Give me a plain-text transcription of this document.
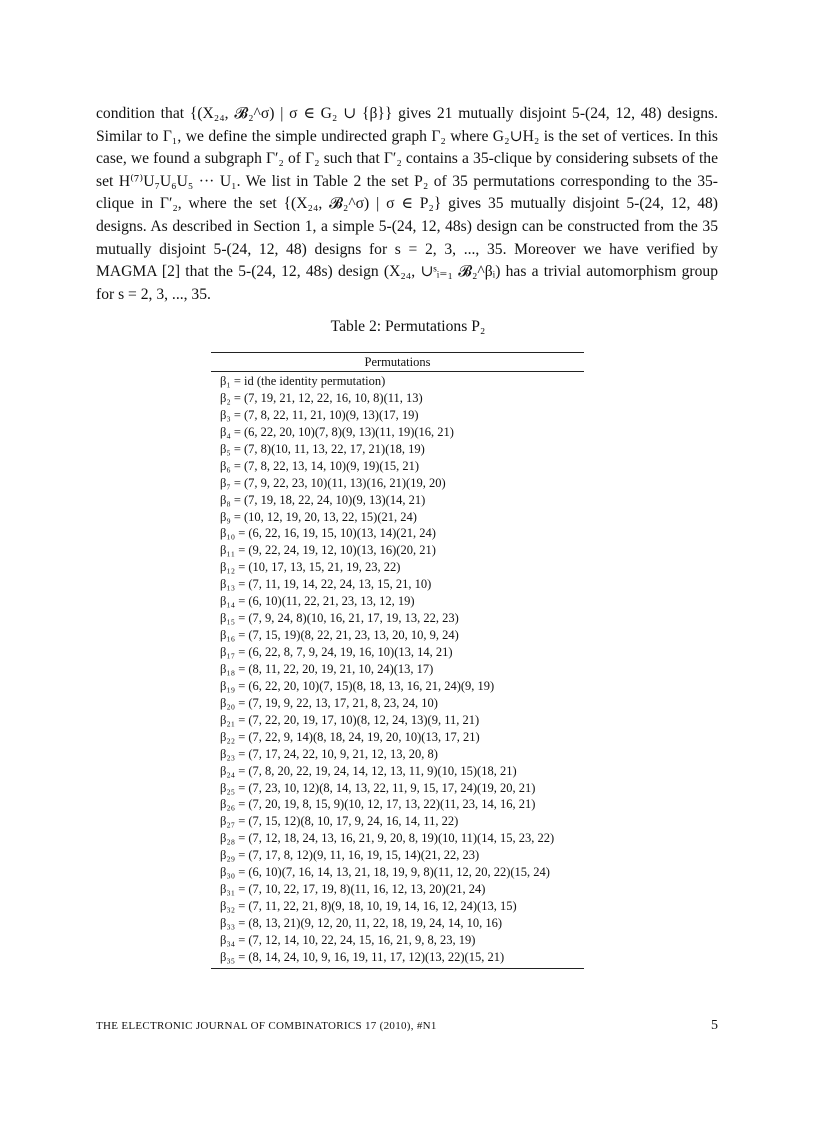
condition that {(X₂₄, 𝓑₂^σ) | σ ∈ G₂ ∪ {β}} gives 21 mutually disjoint 5-(24, 12, 48) designs. Similar to Γ₁, we define the simple undirected graph Γ₂ where G₂∪H₂ is the set of vertices. In this case, we found a subgraph Γ′₂ of Γ₂ such that Γ′₂ contains a 35-clique by considering subsets of the set H⁽⁷⁾U₇U₆U₅ ··· U₁. We list in Table 2 the set P₂ of 35 permutations corresponding to the 35-clique in Γ′₂, where the set {(X₂₄, 𝓑₂^σ) | σ ∈ P₂} gives 35 mutually disjoint 5-(24, 12, 48) designs. As described in Section 1, a simple 5-(24, 12, 48s) design can be constructed from the 35 mutually disjoint 5-(24, 12, 48) designs for s = 2, 3, ..., 35. Moreover we have verified by MAGMA [2] that the 5-(24, 12, 48s) design (X₂₄, ∪ˢᵢ₌₁ 𝓑₂^βᵢ) has a trivial automorphism group for s = 2, 3, ..., 35.

Table 2: Permutations P₂
Permutations
β₁ = id (the identity permutation)
β₂ = (7, 19, 21, 12, 22, 16, 10, 8)(11, 13)
β₃ = (7, 8, 22, 11, 21, 10)(9, 13)(17, 19)
β₄ = (6, 22, 20, 10)(7, 8)(9, 13)(11, 19)(16, 21)
β₅ = (7, 8)(10, 11, 13, 22, 17, 21)(18, 19)
β₆ = (7, 8, 22, 13, 14, 10)(9, 19)(15, 21)
β₇ = (7, 9, 22, 23, 10)(11, 13)(16, 21)(19, 20)
β₈ = (7, 19, 18, 22, 24, 10)(9, 13)(14, 21)
β₉ = (10, 12, 19, 20, 13, 22, 15)(21, 24)
β₁₀ = (6, 22, 16, 19, 15, 10)(13, 14)(21, 24)
β₁₁ = (9, 22, 24, 19, 12, 10)(13, 16)(20, 21)
β₁₂ = (10, 17, 13, 15, 21, 19, 23, 22)
β₁₃ = (7, 11, 19, 14, 22, 24, 13, 15, 21, 10)
β₁₄ = (6, 10)(11, 22, 21, 23, 13, 12, 19)
β₁₅ = (7, 9, 24, 8)(10, 16, 21, 17, 19, 13, 22, 23)
β₁₆ = (7, 15, 19)(8, 22, 21, 23, 13, 20, 10, 9, 24)
β₁₇ = (6, 22, 8, 7, 9, 24, 19, 16, 10)(13, 14, 21)
β₁₈ = (8, 11, 22, 20, 19, 21, 10, 24)(13, 17)
β₁₉ = (6, 22, 20, 10)(7, 15)(8, 18, 13, 16, 21, 24)(9, 19)
β₂₀ = (7, 19, 9, 22, 13, 17, 21, 8, 23, 24, 10)
β₂₁ = (7, 22, 20, 19, 17, 10)(8, 12, 24, 13)(9, 11, 21)
β₂₂ = (7, 22, 9, 14)(8, 18, 24, 19, 20, 10)(13, 17, 21)
β₂₃ = (7, 17, 24, 22, 10, 9, 21, 12, 13, 20, 8)
β₂₄ = (7, 8, 20, 22, 19, 24, 14, 12, 13, 11, 9)(10, 15)(18, 21)
β₂₅ = (7, 23, 10, 12)(8, 14, 13, 22, 11, 9, 15, 17, 24)(19, 20, 21)
β₂₆ = (7, 20, 19, 8, 15, 9)(10, 12, 17, 13, 22)(11, 23, 14, 16, 21)
β₂₇ = (7, 15, 12)(8, 10, 17, 9, 24, 16, 14, 11, 22)
β₂₈ = (7, 12, 18, 24, 13, 16, 21, 9, 20, 8, 19)(10, 11)(14, 15, 23, 22)
β₂₉ = (7, 17, 8, 12)(9, 11, 16, 19, 15, 14)(21, 22, 23)
β₃₀ = (6, 10)(7, 16, 14, 13, 21, 18, 19, 9, 8)(11, 12, 20, 22)(15, 24)
β₃₁ = (7, 10, 22, 17, 19, 8)(11, 16, 12, 13, 20)(21, 24)
β₃₂ = (7, 11, 22, 21, 8)(9, 18, 10, 19, 14, 16, 12, 24)(13, 15)
β₃₃ = (8, 13, 21)(9, 12, 20, 11, 22, 18, 19, 24, 14, 10, 16)
β₃₄ = (7, 12, 14, 10, 22, 24, 15, 16, 21, 9, 8, 23, 19)
β₃₅ = (8, 14, 24, 10, 9, 16, 19, 11, 17, 12)(13, 22)(15, 21)
THE ELECTRONIC JOURNAL OF COMBINATORICS 17 (2010), #N1	5
